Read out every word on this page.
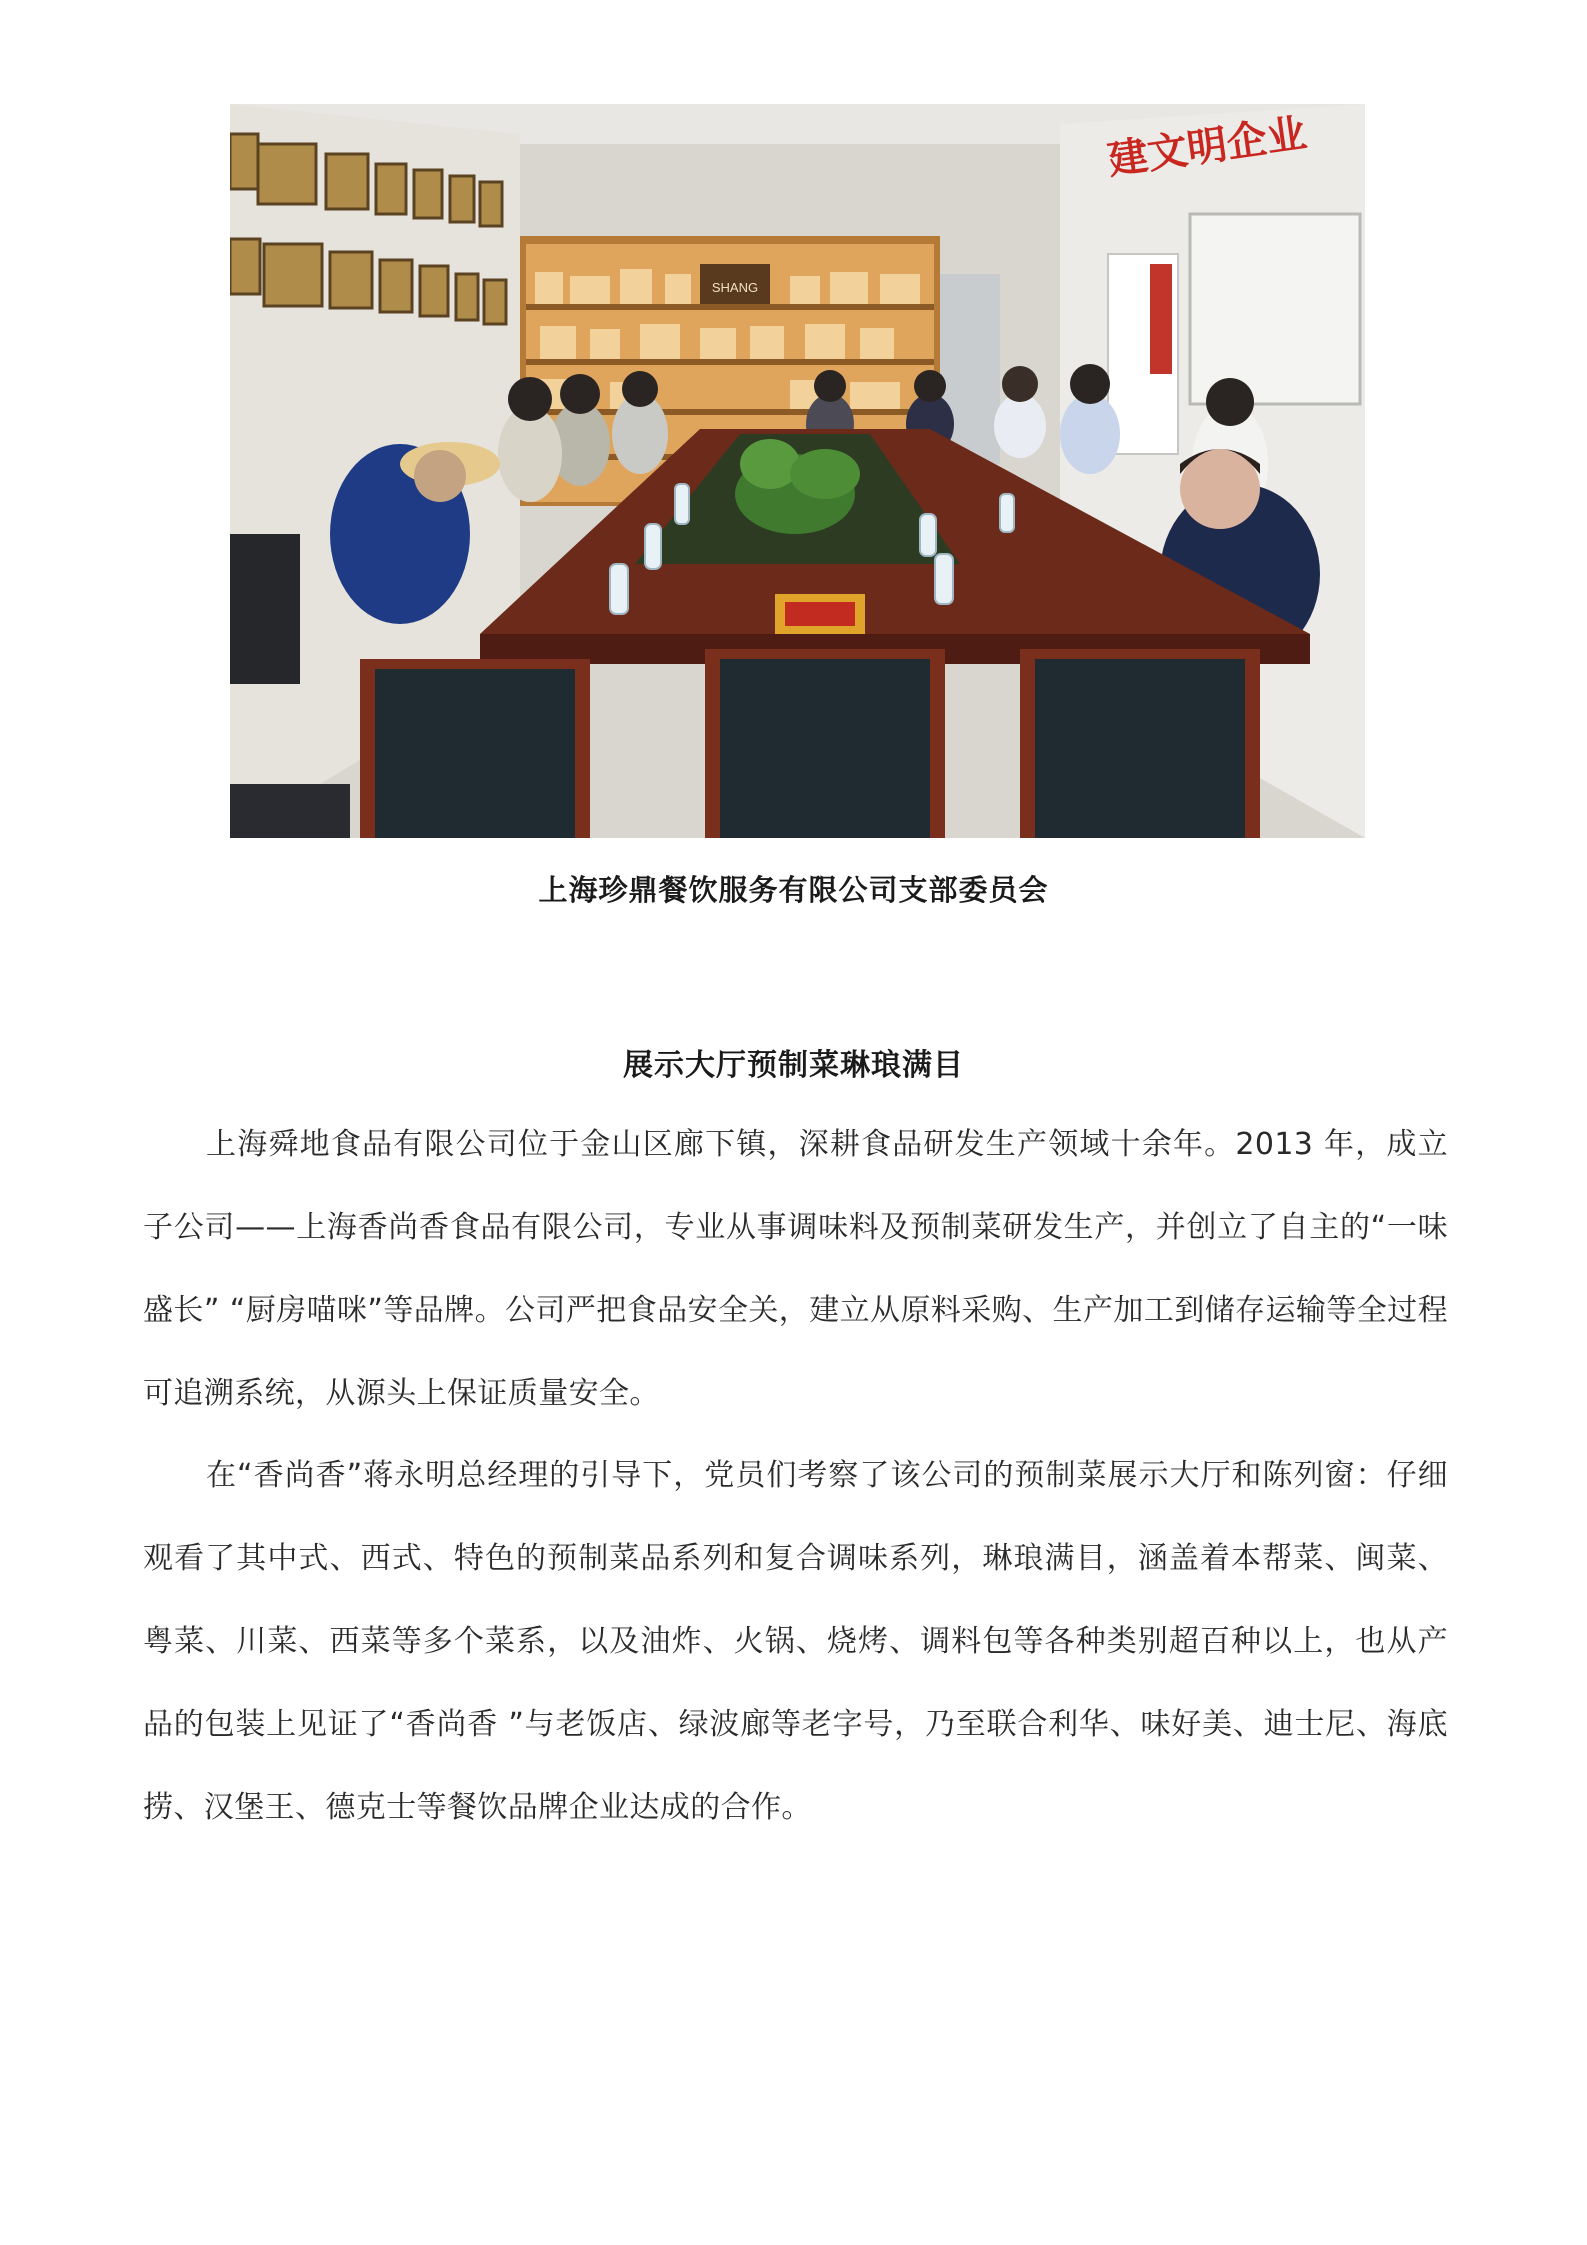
SHANG
建文明企业
上海珍鼎餐饮服务有限公司支部委员会
展示大厅预制菜琳琅满目

上海舜地食品有限公司位于金山区廊下镇，深耕食品研发生产领域十余年。2013 年，成立子公司——上海香尚香食品有限公司，专业从事调味料及预制菜研发生产，并创立了自主的“一味盛长” “厨房喵咪”等品牌。公司严把食品安全关，建立从原料采购、生产加工到储存运输等全过程可追溯系统，从源头上保证质量安全。

在“香尚香”蒋永明总经理的引导下，党员们考察了该公司的预制菜展示大厅和陈列窗：仔细观看了其中式、西式、特色的预制菜品系列和复合调味系列，琳琅满目，涵盖着本帮菜、闽菜、粤菜、川菜、西菜等多个菜系，以及油炸、火锅、烧烤、调料包等各种类别超百种以上，也从产品的包装上见证了“香尚香 ”与老饭店、绿波廊等老字号，乃至联合利华、味好美、迪士尼、海底捞、汉堡王、德克士等餐饮品牌企业达成的合作。
